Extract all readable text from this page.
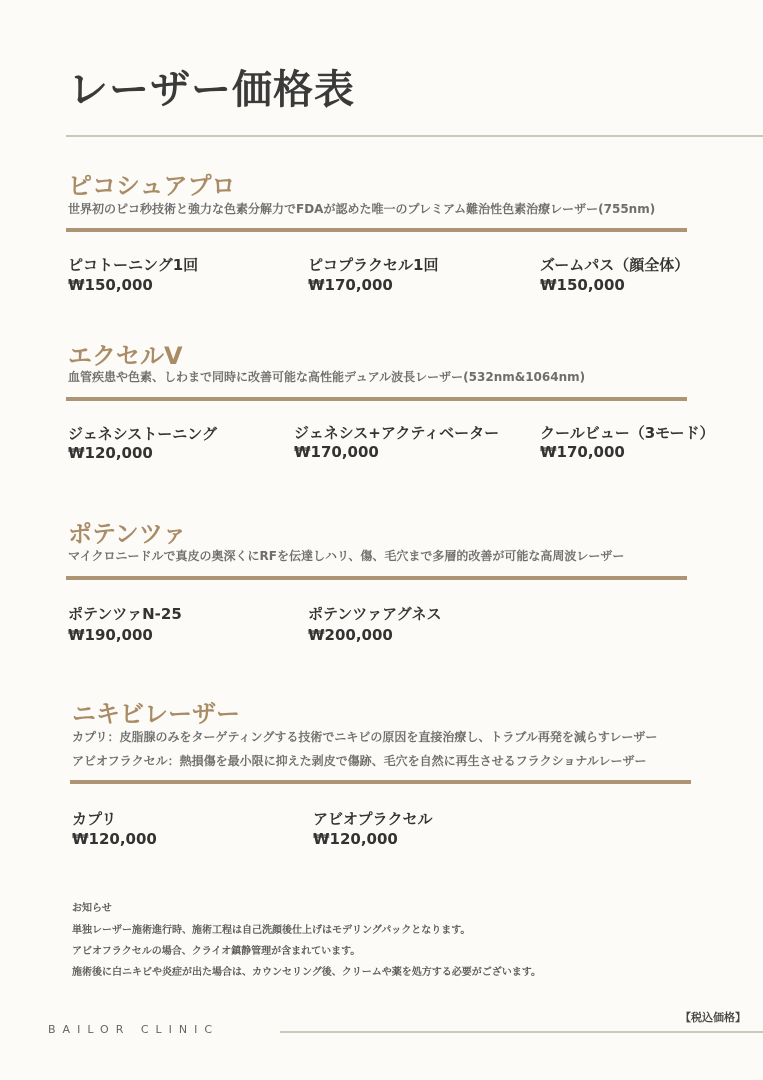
レーザー価格表
ピコシュアプロ
世界初のピコ秒技術と強力な色素分解力でFDAが認めた唯一のプレミアム難治性色素治療レーザー(755nm)
ピコトーニング1回
₩150,000
ピコプラクセル1回
₩170,000
ズームパス（顔全体）
₩150,000
エクセルV
血管疾患や色素、しわまで同時に改善可能な高性能デュアル波長レーザー(532nm&1064nm)
ジェネシストーニング
₩120,000
ジェネシス+アクティベーター
₩170,000
クールビュー（3モード）
₩170,000
ポテンツァ
マイクロニードルで真皮の奥深くにRFを伝達しハリ、傷、毛穴まで多層的改善が可能な高周波レーザー
ポテンツァN-25
₩190,000
ポテンツァアグネス
₩200,000
ニキビレーザー
カプリ：皮脂腺のみをターゲティングする技術でニキビの原因を直接治療し、トラブル再発を減らすレーザー
アビオフラクセル：熱損傷を最小限に抑えた剥皮で傷跡、毛穴を自然に再生させるフラクショナルレーザー
カプリ
₩120,000
アビオプラクセル
₩120,000
お知らせ
単独レーザー施術進行時、施術工程は自己洗顔後仕上げはモデリングパックとなります。
アビオフラクセルの場合、クライオ鎮静管理が含まれています。
施術後に白ニキビや炎症が出た場合は、カウンセリング後、クリームや薬を処方する必要がございます。
【税込価格】
BAILOR CLINIC
